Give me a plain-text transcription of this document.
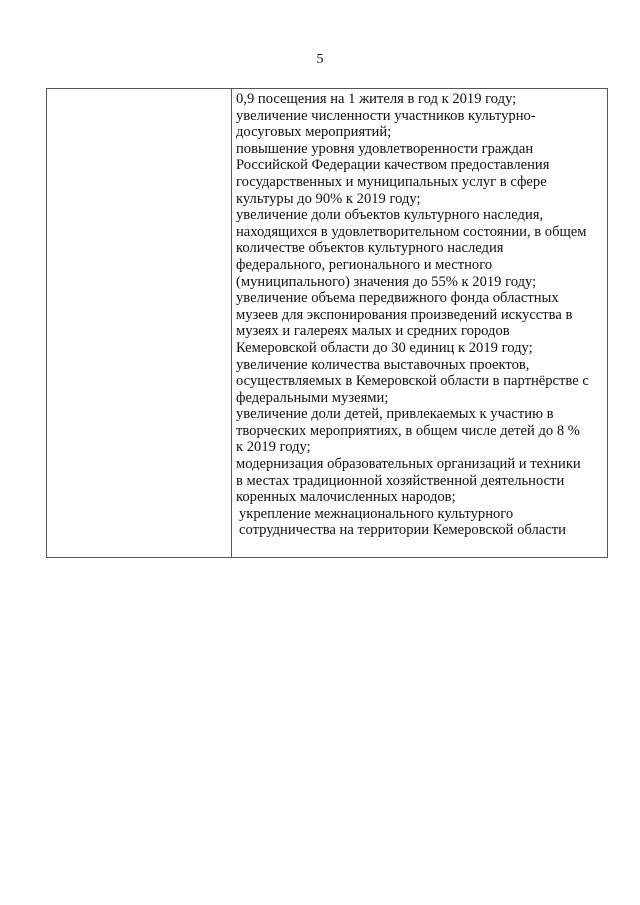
5
0,9 посещения на 1 жителя в год к 2019 году;
увеличение численности участников культурно-
досуговых мероприятий;
повышение уровня удовлетворенности граждан
Российской Федерации качеством предоставления
государственных и муниципальных услуг в сфере
культуры до 90% к 2019 году;
увеличение доли объектов культурного наследия,
находящихся в удовлетворительном состоянии, в общем
количестве объектов культурного наследия
федерального, регионального и местного
(муниципального) значения до 55% к 2019 году;
увеличение объема передвижного фонда областных
музеев для экспонирования произведений искусства в
музеях и галереях малых и средних городов
Кемеровской области до 30 единиц к 2019 году;
увеличение количества выставочных проектов,
осуществляемых в Кемеровской области в партнёрстве с
федеральными музеями;
увеличение доли детей, привлекаемых к участию в
творческих мероприятиях, в общем числе детей до 8 %
к 2019 году;
модернизация образовательных организаций и техники
в местах традиционной хозяйственной деятельности
коренных малочисленных народов;
укрепление межнационального культурного
сотрудничества на территории Кемеровской области
